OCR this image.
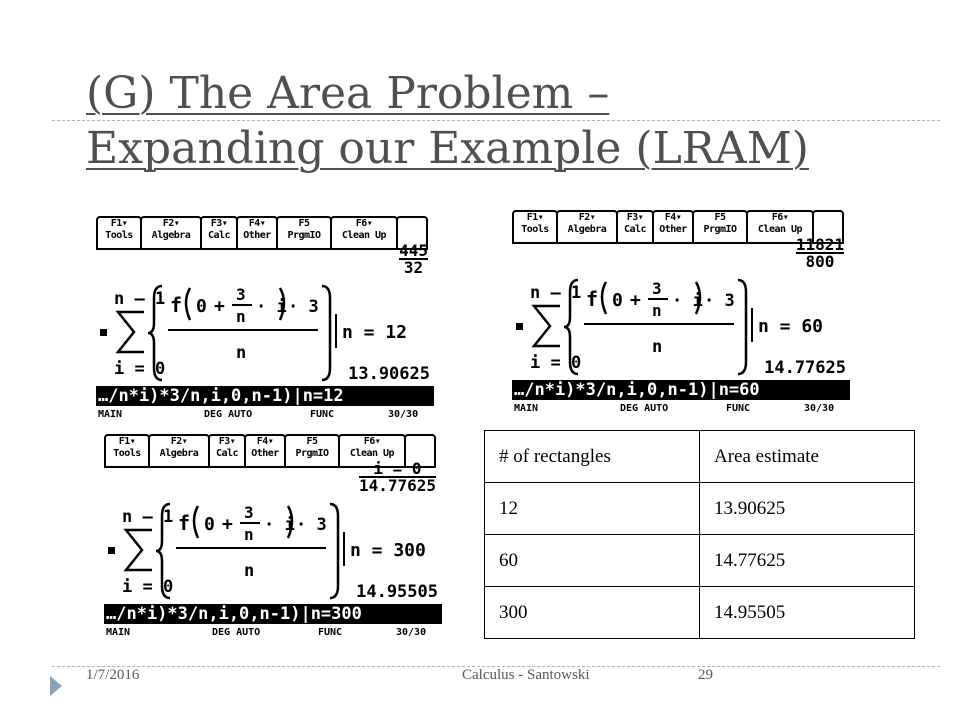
(G) The Area Problem –
Expanding our Example (LRAM)
F1▾
Tools
F2▾
Algebra
F3▾
Calc
F4▾
Other
F5
PrgmIO
F6▾
Clean Up
445
32
n – 1
i = 0
f 0 +
3
n · i · 3
n
n = 12
13.90625
…/n*i)*3/n,i,0,n-1)|n=12
MAIN	DEG AUTO	FUNC	30/30
F1▾
Tools
F2▾
Algebra
F3▾
Calc
F4▾
Other
F5
PrgmIO
F6▾
Clean Up
11821
800
n – 1
i = 0
f 0 +
3
n · i · 3
n
n = 60
14.77625
…/n*i)*3/n,i,0,n-1)|n=60
MAIN	DEG AUTO	FUNC	30/30
F1▾
Tools
F2▾
Algebra
F3▾
Calc
F4▾
Other
F5
PrgmIO
F6▾
Clean Up
i = 0
14.77625
n – 1
i = 0
f 0 +
3
n · i · 3
n
n = 300
14.95505
…/n*i)*3/n,i,0,n-1)|n=300
MAIN	DEG AUTO	FUNC	30/30
# of rectangles	Area estimate
12	13.90625
60	14.77625
300	14.95505
1/7/2016	Calculus - Santowski	29
